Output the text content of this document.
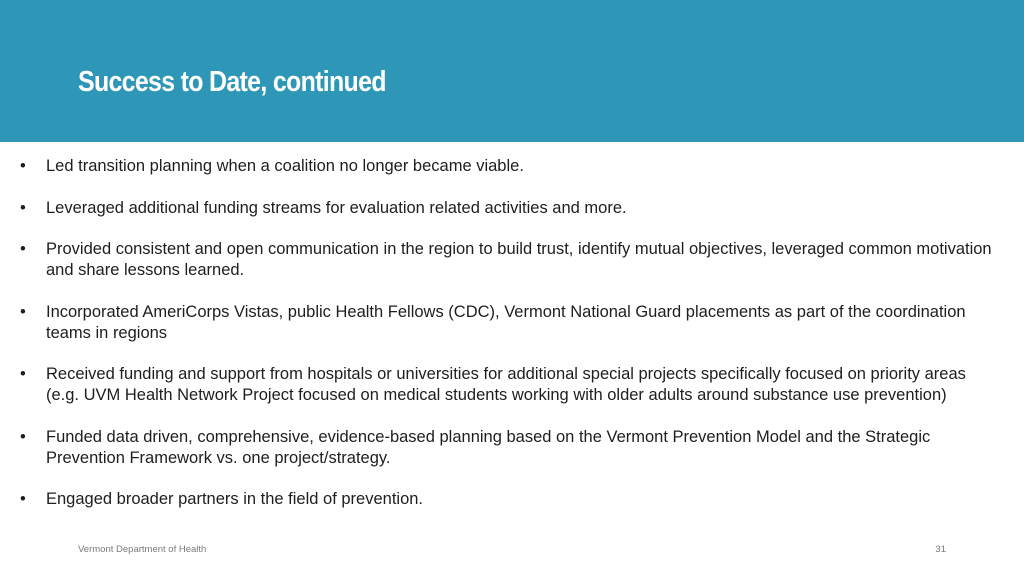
Success to Date, continued
• Led transition planning when a coalition no longer became viable.
• Leveraged additional funding streams for evaluation related activities and more.
• Provided consistent and open communication in the region to build trust, identify mutual objectives, leveraged common motivation and share lessons learned.
• Incorporated AmeriCorps Vistas, public Health Fellows (CDC), Vermont National Guard placements as part of the coordination teams in regions
• Received funding and support from hospitals or universities for additional special projects specifically focused on priority areas (e.g. UVM Health Network Project focused on medical students working with older adults around substance use prevention)
• Funded data driven, comprehensive, evidence-based planning based on the Vermont Prevention Model and the Strategic Prevention Framework vs. one project/strategy.
• Engaged broader partners in the field of prevention.
Vermont Department of Health	31
